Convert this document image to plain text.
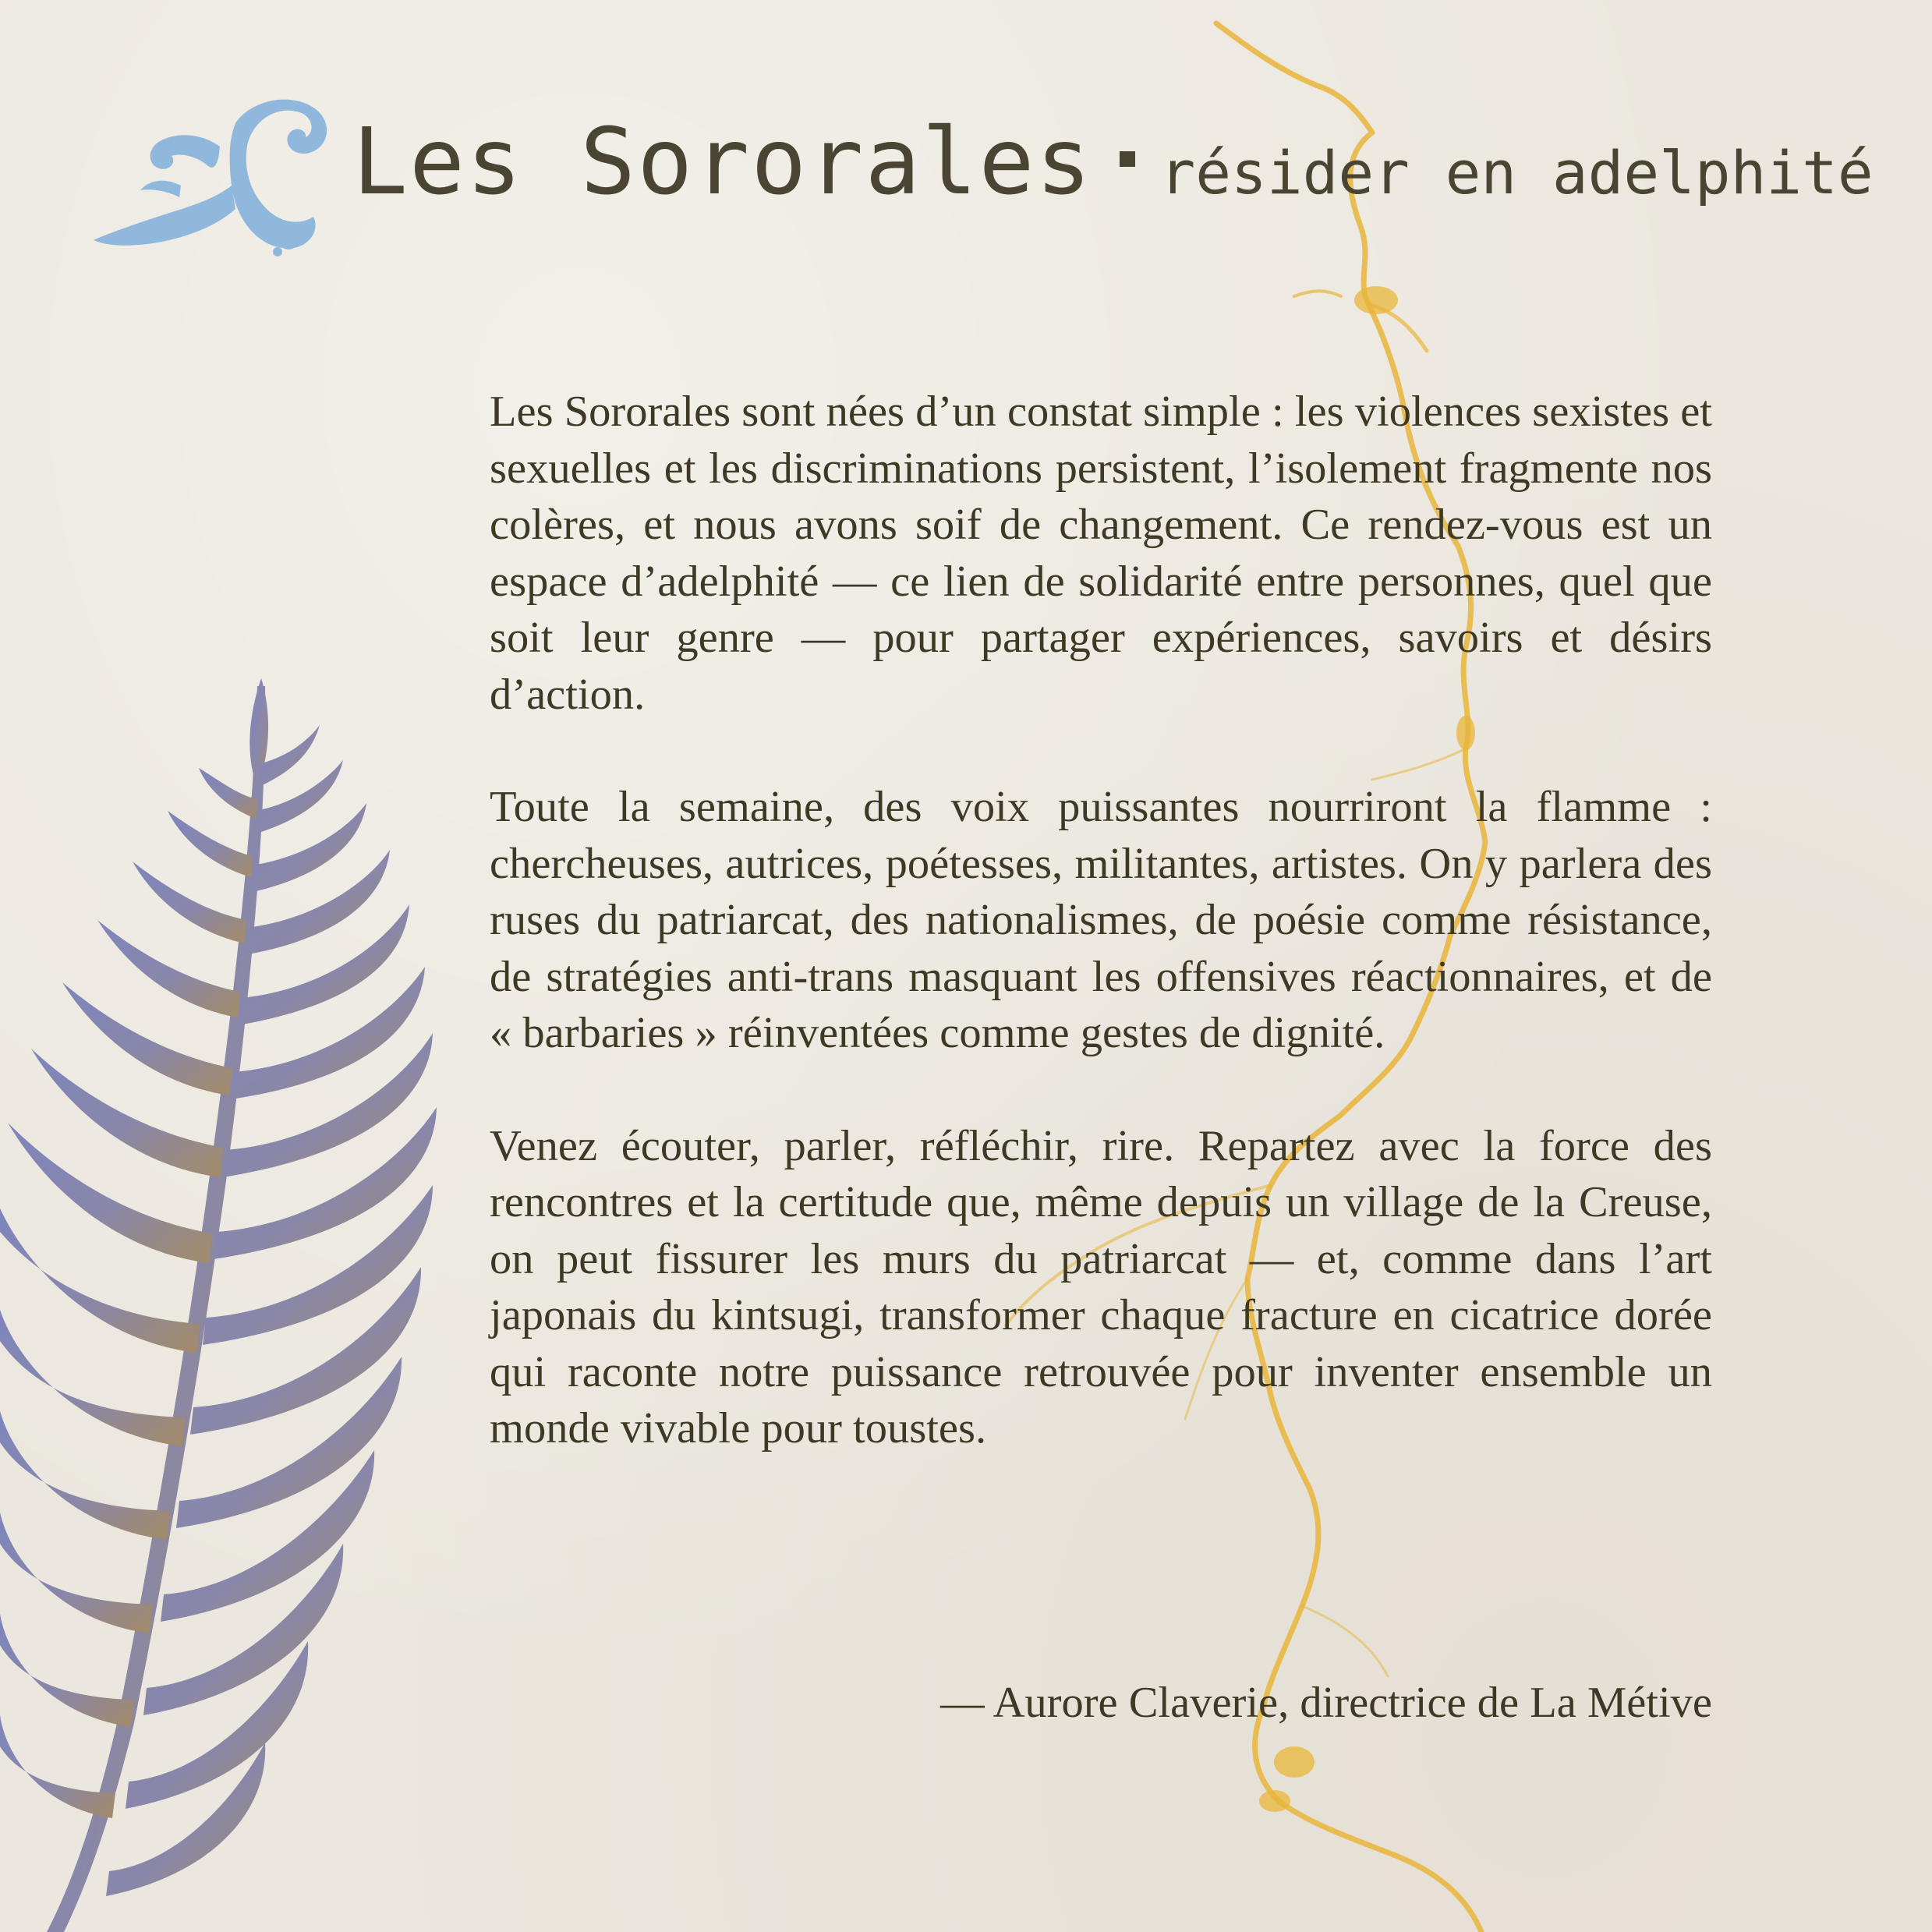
Les Sororales résider en adelphité

Les Sororales sont nées d’un constat simple : les violences sexistes et sexuelles et les discriminations persistent, l’isolement fragmente nos colères, et nous avons soif de changement. Ce rendez-vous est un espace d’adelphité — ce lien de solidarité entre personnes, quel que soit leur genre — pour partager expériences, savoirs et désirs d’action.

Toute la semaine, des voix puissantes nourriront la flamme : chercheuses, autrices, poétesses, militantes, artistes. On y parlera des ruses du patriarcat, des nationalismes, de poésie comme résistance, de stratégies anti-trans masquant les offensives réactionnaires, et de « barbaries » réinventées comme gestes de dignité.

Venez écouter, parler, réfléchir, rire. Repartez avec la force des rencontres et la certitude que, même depuis un village de la Creuse, on peut fissurer les murs du patriarcat — et, comme dans l’art japonais du kintsugi, transformer chaque fracture en cicatrice dorée qui raconte notre puissance retrouvée pour inventer ensemble un monde vivable pour toustes.

— Aurore Claverie, directrice de La Métive
